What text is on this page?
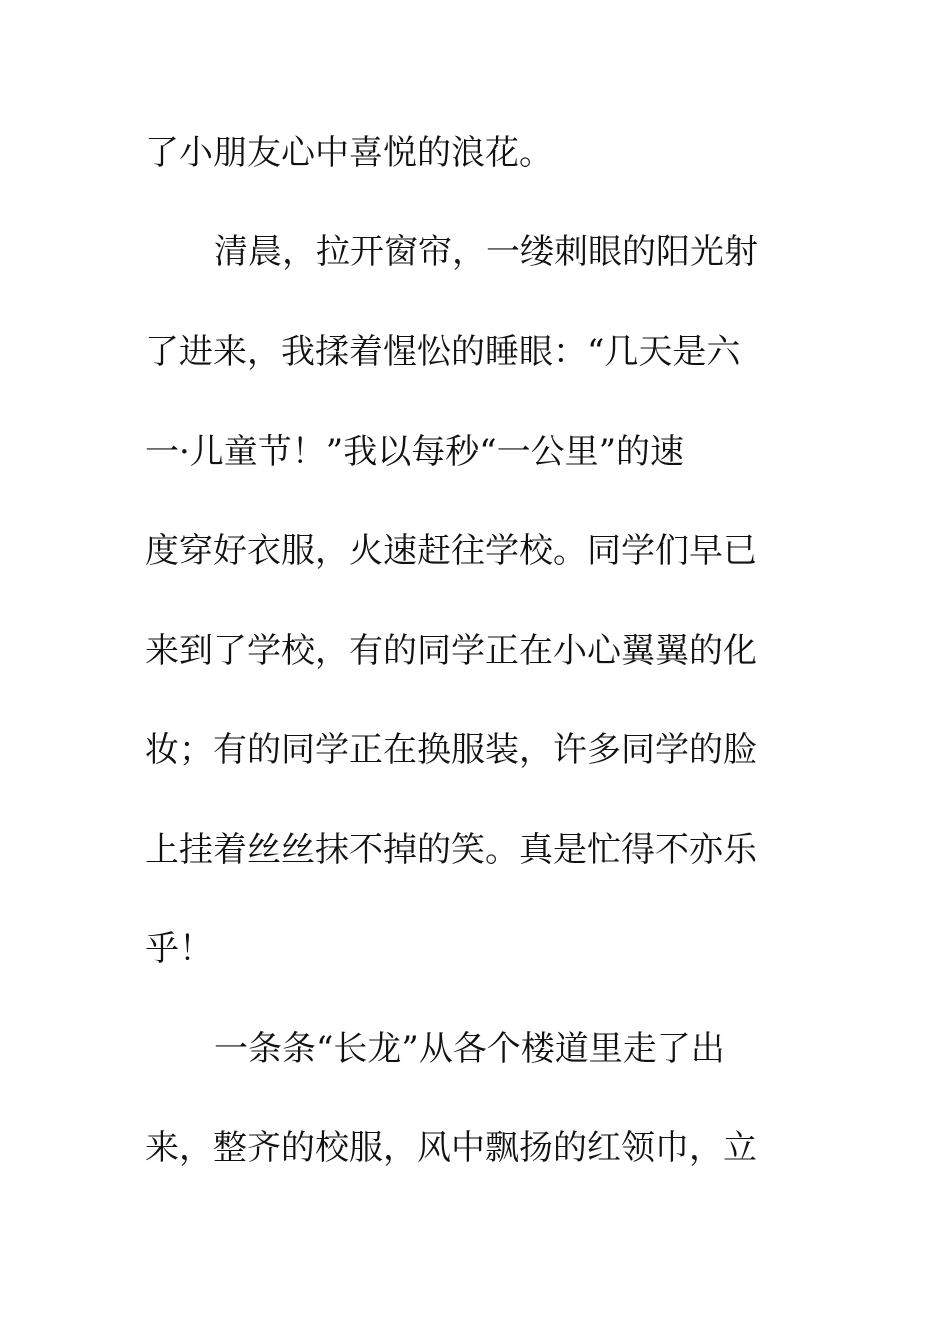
了小朋友心中喜悦的浪花。
清晨，拉开窗帘，一缕刺眼的阳光射
了进来，我揉着惺忪的睡眼：“几天是六
一·儿童节！”我以每秒“一公里”的速
度穿好衣服，火速赶往学校。同学们早已
来到了学校，有的同学正在小心翼翼的化
妆；有的同学正在换服装，许多同学的脸
上挂着丝丝抹不掉的笑。真是忙得不亦乐
乎！
一条条“长龙”从各个楼道里走了出
来，整齐的校服，风中飘扬的红领巾，立
